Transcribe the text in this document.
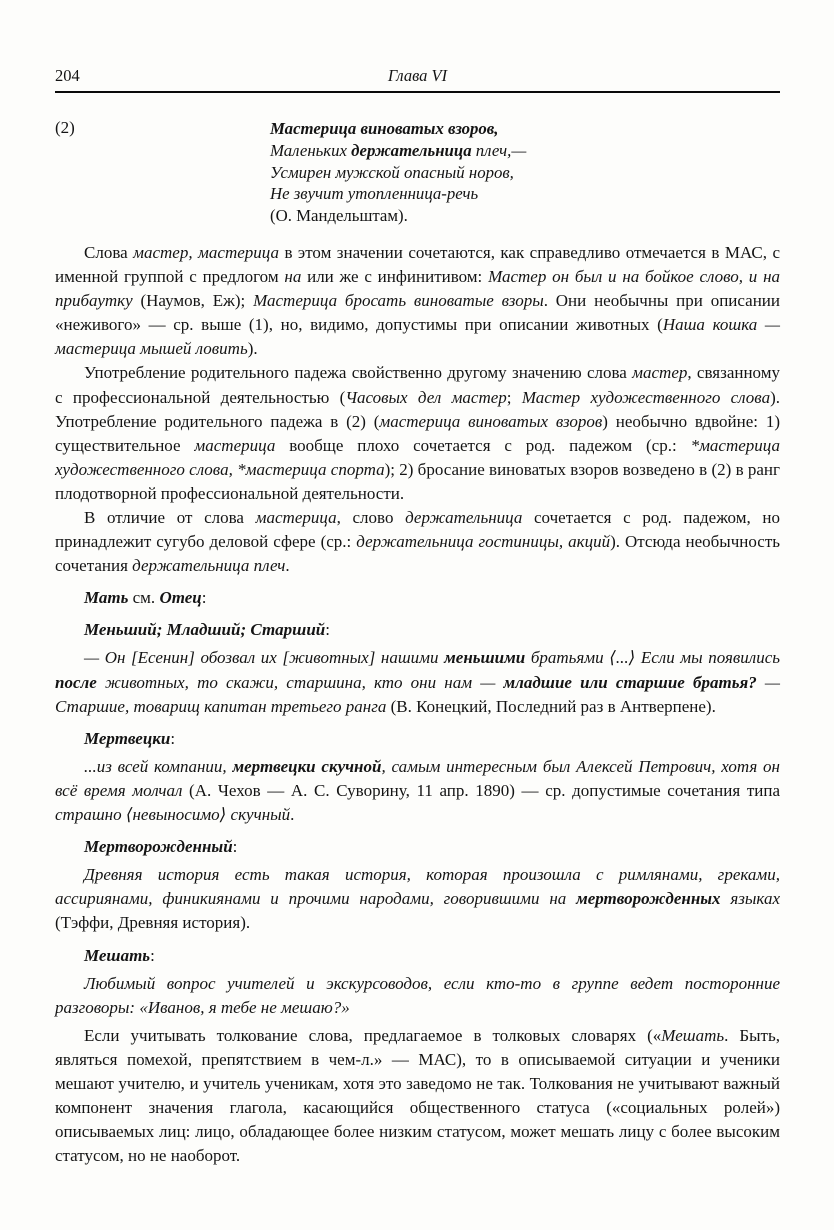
204	Глава VI
(2)	Мастерица виноватых взоров,
Маленьких держательница плеч,—
Усмирен мужской опасный норов,
Не звучит утопленница-речь
(О. Мандельштам).

Слова мастер, мастерица в этом значении сочетаются, как справедливо отмечается в МАС, с именной группой с предлогом на или же с инфинитивом: Мастер он был и на бойкое слово, и на прибаутку (Наумов, Еж); Мастерица бросать виноватые взоры. Они необычны при описании «неживого» — ср. выше (1), но, видимо, допустимы при описании животных (Наша кошка — мастерица мышей ловить).

Употребление родительного падежа свойственно другому значению слова мастер, связанному с профессиональной деятельностью (Часовых дел мастер; Мастер художественного слова). Употребление родительного падежа в (2) (мастерица виноватых взоров) необычно вдвойне: 1) существительное мастерица вообще плохо сочетается с род. падежом (ср.: *мастерица художественного слова, *мастерица спорта); 2) бросание виноватых взоров возведено в (2) в ранг плодотворной профессиональной деятельности.

В отличие от слова мастерица, слово держательница сочетается с род. падежом, но принадлежит сугубо деловой сфере (ср.: держательница гостиницы, акций). Отсюда необычность сочетания держательница плеч.

Мать см. Отец:

Меньший; Младший; Старший:

— Он [Есенин] обозвал их [животных] нашими меньшими братьями ⟨...⟩ Если мы появились после животных, то скажи, старшина, кто они нам — младшие или старшие братья? — Старшие, товарищ капитан третьего ранга (В. Конецкий, Последний раз в Антверпене).

Мертвецки:

...из всей компании, мертвецки скучной, самым интересным был Алексей Петрович, хотя он всё время молчал (А. Чехов — А. С. Суворину, 11 апр. 1890) — ср. допустимые сочетания типа страшно ⟨невыносимо⟩ скучный.

Мертворожденный:

Древняя история есть такая история, которая произошла с римлянами, греками, ассириянами, финикиянами и прочими народами, говорившими на мертворожденных языках (Тэффи, Древняя история).

Мешать:

Любимый вопрос учителей и экскурсоводов, если кто-то в группе ведет посторонние разговоры: «Иванов, я тебе не мешаю?»

Если учитывать толкование слова, предлагаемое в толковых словарях («Мешать. Быть, являться помехой, препятствием в чем-л.» — МАС), то в описываемой ситуации и ученики мешают учителю, и учитель ученикам, хотя это заведомо не так. Толкования не учитывают важный компонент значения глагола, касающийся общественного статуса («социальных ролей») описываемых лиц: лицо, обладающее более низким статусом, может мешать лицу с более высоким статусом, но не наоборот.
